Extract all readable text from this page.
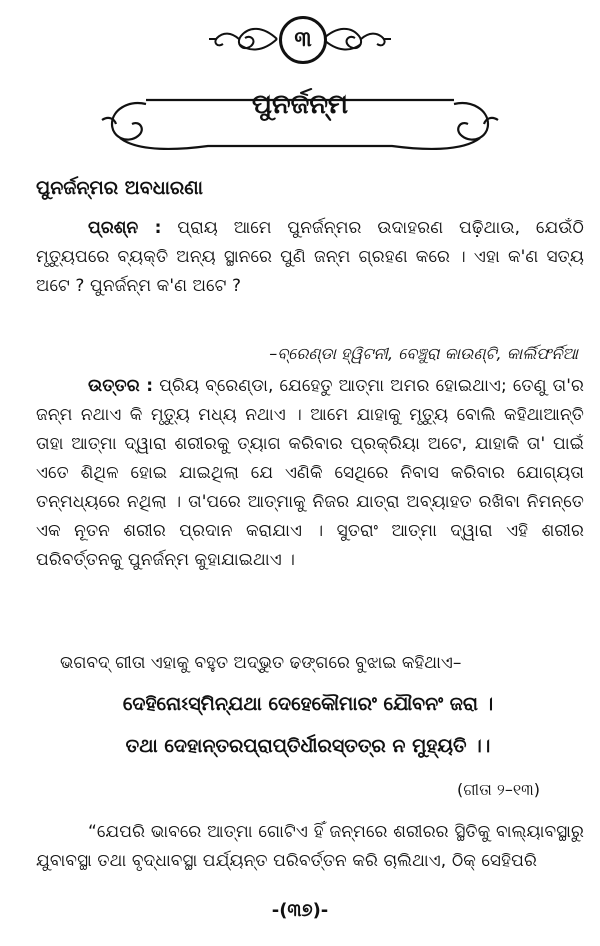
୩
ପୁନର୍ଜନ୍ମ
ପୁନର୍ଜନ୍ମର ଅବଧାରଣା
ପ୍ରଶ୍ନ : ପ୍ରାୟ ଆମେ ପୁନର୍ଜନ୍ମର ଉଦାହରଣ ପଢ଼ିଥାଉ, ଯେଉଁଠି ମୃତ୍ୟୁପରେ ବ୍ୟକ୍ତି ଅନ୍ୟ ସ୍ଥାନରେ ପୁଣି ଜନ୍ମ ଗ୍ରହଣ କରେ । ଏହା କ'ଣ ସତ୍ୟ ଅଟେ ? ପୁନର୍ଜନ୍ମ କ'ଣ ଅଟେ ?
–ବ୍ରେଣ୍ଡା ହ୍ୱିଟନୀ, ବେଞ୍ଚୁରା କାଉଣ୍ଟି, କାର୍ଲିଫର୍ନିଆ
ଉତ୍ତର : ପ୍ରିୟ ବ୍ରେଣ୍ଡା, ଯେହେତୁ ଆତ୍ମା ଅମର ହୋଇଥାଏ; ତେଣୁ ତା'ର ଜନ୍ମ ନଥାଏ କି ମୃତ୍ୟୁ ମଧ୍ୟ ନଥାଏ । ଆମେ ଯାହାକୁ ମୃତ୍ୟୁ ବୋଲି କହିଥାଆନ୍ତି ତାହା ଆତ୍ମା ଦ୍ୱାରା ଶରୀରକୁ ତ୍ୟାଗ କରିବାର ପ୍ରକ୍ରିୟା ଅଟେ, ଯାହାକି ତା' ପାଇଁ ଏତେ ଶିଥିଳ ହୋଇ ଯାଇଥିଲା ଯେ ଏଣିକି ସେଥିରେ ନିବାସ କରିବାର ଯୋଗ୍ୟତା ତନ୍ମଧ୍ୟରେ ନଥିଲା । ତା'ପରେ ଆତ୍ମାକୁ ନିଜର ଯାତ୍ରା ଅବ୍ୟାହତ ରଖିବା ନିମନ୍ତେ ଏକ ନୂତନ ଶରୀର ପ୍ରଦାନ କରାଯାଏ । ସୁତରାଂ ଆତ୍ମା ଦ୍ୱାରା ଏହି ଶରୀର ପରିବର୍ତ୍ତନକୁ ପୁନର୍ଜନ୍ମ କୁହାଯାଇଥାଏ ।
ଭଗବଦ୍ ଗୀତା ଏହାକୁ ବହୁତ ଅଦ୍ଭୁତ ଢଙ୍ଗରେ ବୁଝାଇ କହିଥାଏ–
ଦେହିନୋଽସ୍ମିନ୍‌ଯଥା ଦେହେକୌମାରଂ ଯୌବନଂ ଜରା ।
ତଥା ଦେହାନ୍ତରପ୍ରାପ୍ତିର୍ଧୀରସ୍ତତ୍ର ନ ମୁହ୍ୟତି ।।
(ଗୀତା ୨–୧୩)
“ଯେପରି ଭାବରେ ଆତ୍ମା ଗୋଟିଏ ହିଁ ଜନ୍ମରେ ଶରୀରର ସ୍ଥିତିକୁ ବାଲ୍ୟାବସ୍ଥାରୁ ଯୁବାବସ୍ଥା ତଥା ବୃଦ୍ଧାବସ୍ଥା ପର୍ଯ୍ୟନ୍ତ ପରିବର୍ତ୍ତନ କରି ଚାଲିଥାଏ, ଠିକ୍ ସେହିପରି
-(୩୭)-
